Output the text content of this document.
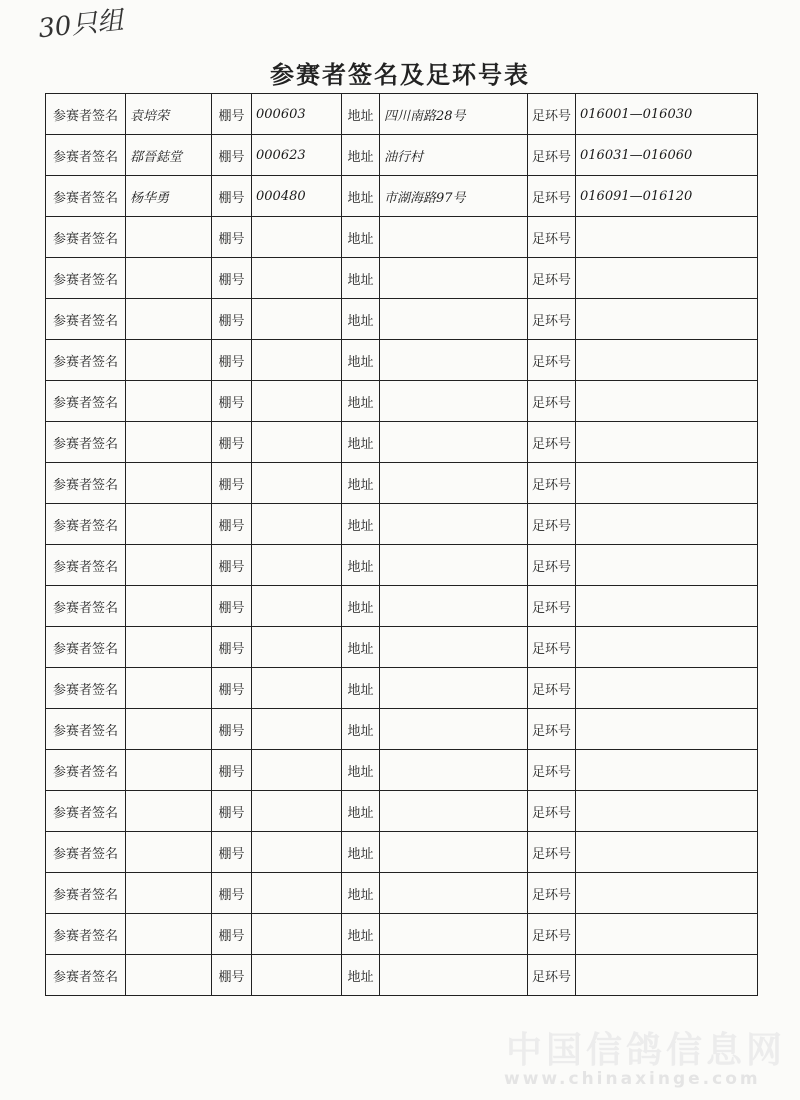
30只组
参赛者签名及足环号表
参赛者签名	袁培荣	棚号	000603	地址	四川南路28号	足环号	016001—016030
参赛者签名	鄀晉鋕堂	棚号	000623	地址	油行村	足环号	016031—016060
参赛者签名	杨华勇	棚号	000480	地址	市湖海路97号	足环号	016091—016120
参赛者签名		棚号		地址		足环号	
参赛者签名		棚号		地址		足环号	
参赛者签名		棚号		地址		足环号	
参赛者签名		棚号		地址		足环号	
参赛者签名		棚号		地址		足环号	
参赛者签名		棚号		地址		足环号	
参赛者签名		棚号		地址		足环号	
参赛者签名		棚号		地址		足环号	
参赛者签名		棚号		地址		足环号	
参赛者签名		棚号		地址		足环号	
参赛者签名		棚号		地址		足环号	
参赛者签名		棚号		地址		足环号	
参赛者签名		棚号		地址		足环号	
参赛者签名		棚号		地址		足环号	
参赛者签名		棚号		地址		足环号	
参赛者签名		棚号		地址		足环号	
参赛者签名		棚号		地址		足环号	
参赛者签名		棚号		地址		足环号	
参赛者签名		棚号		地址		足环号	
中国信鸽信息网
www.chinaxinge.com
